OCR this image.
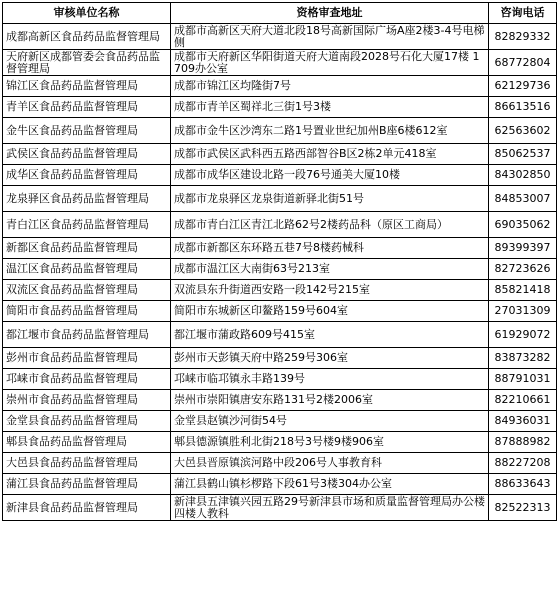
审核单位名称	资格审查地址	咨询电话
成都高新区食品药品监督管理局	成都市高新区天府大道北段18号高新国际广场A座2楼3-4号电梯侧	82829332
天府新区成都管委会食品药品监督管理局	成都市天府新区华阳街道天府大道南段2028号石化大厦17楼 1709办公室	68772804
锦江区食品药品监督管理局	成都市锦江区均隆街7号	62129736
青羊区食品药品监督管理局	成都市青羊区蜀祥北三街1号3楼	86613516
金牛区食品药品监督管理局	成都市金牛区沙湾东二路1号置业世纪加州B座6楼612室	62563602
武侯区食品药品监督管理局	成都市武侯区武科西五路西部智谷B区2栋2单元418室	85062537
成华区食品药品监督管理局	成都市成华区建设北路一段76号通美大厦10楼	84302850
龙泉驿区食品药品监督管理局	成都市龙泉驿区龙泉街道新驿北街51号	84853007
青白江区食品药品监督管理局	成都市青白江区青江北路62号2楼药品科（原区工商局）	69035062
新都区食品药品监督管理局	成都市新都区东环路五巷7号8楼药械科	89399397
温江区食品药品监督管理局	成都市温江区大南街63号213室	82723626
双流区食品药品监督管理局	双流县东升街道西安路一段142号215室	85821418
简阳市食品药品监督管理局	简阳市东城新区印鳌路159号604室	27031309
都江堰市食品药品监督管理局	都江堰市蒲政路609号415室	61929072
彭州市食品药品监督管理局	彭州市天彭镇天府中路259号306室	83873282
邛崃市食品药品监督管理局	邛崃市临邛镇永丰路139号	88791031
崇州市食品药品监督管理局	崇州市崇阳镇唐安东路131号2楼2006室	82210661
金堂县食品药品监督管理局	金堂县赵镇沙河街54号	84936031
郫县食品药品监督管理局	郫县德源镇胜利北街218号3号楼9楼906室	87888982
大邑县食品药品监督管理局	大邑县晋原镇滨河路中段206号人事教育科	88227208
蒲江县食品药品监督管理局	蒲江县鹤山镇杉椤路下段61号3楼304办公室	88633643
新津县食品药品监督管理局	新津县五津镇兴园五路29号新津县市场和质量监督管理局办公楼四楼人教科	82522313
